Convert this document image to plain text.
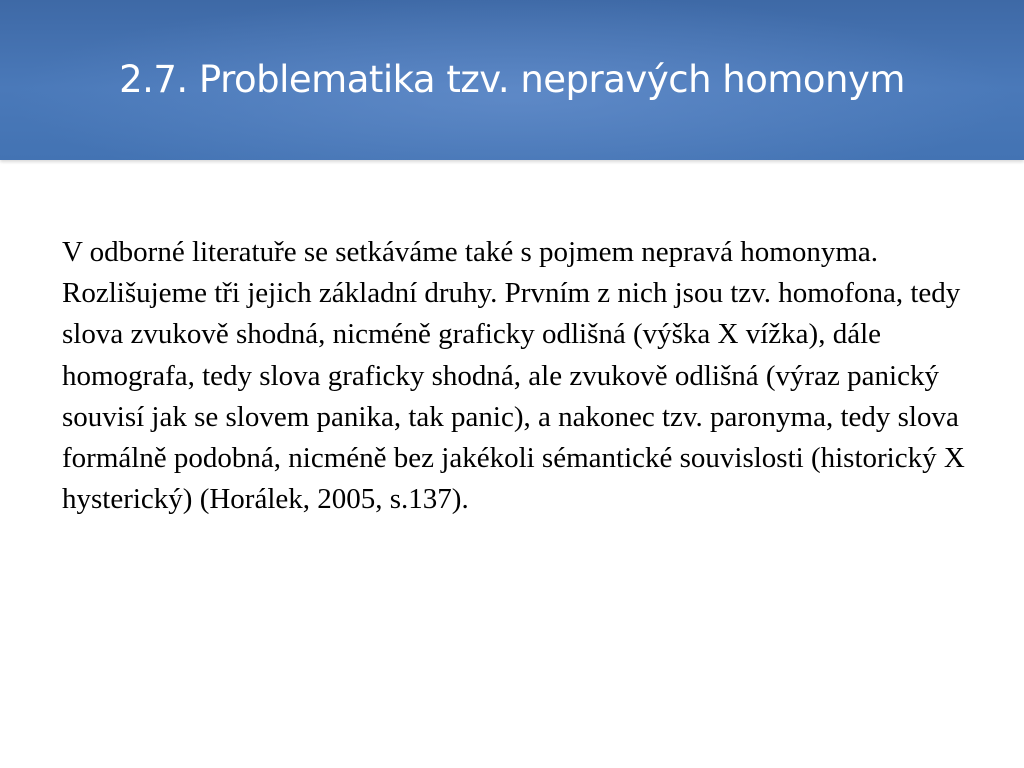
2.7. Problematika tzv. nepravých homonym

V odborné literatuře se setkáváme také s pojmem nepravá homonyma. Rozlišujeme tři jejich základní druhy. Prvním z nich jsou tzv. homofona, tedy slova zvukově shodná, nicméně graficky odlišná (výška X vížka), dále homografa, tedy slova graficky shodná, ale zvukově odlišná (výraz panický souvisí jak se slovem panika, tak panic), a nakonec tzv. paronyma, tedy slova formálně podobná, nicméně bez jakékoli sémantické souvislosti (historický X hysterický) (Horálek, 2005, s.137).
